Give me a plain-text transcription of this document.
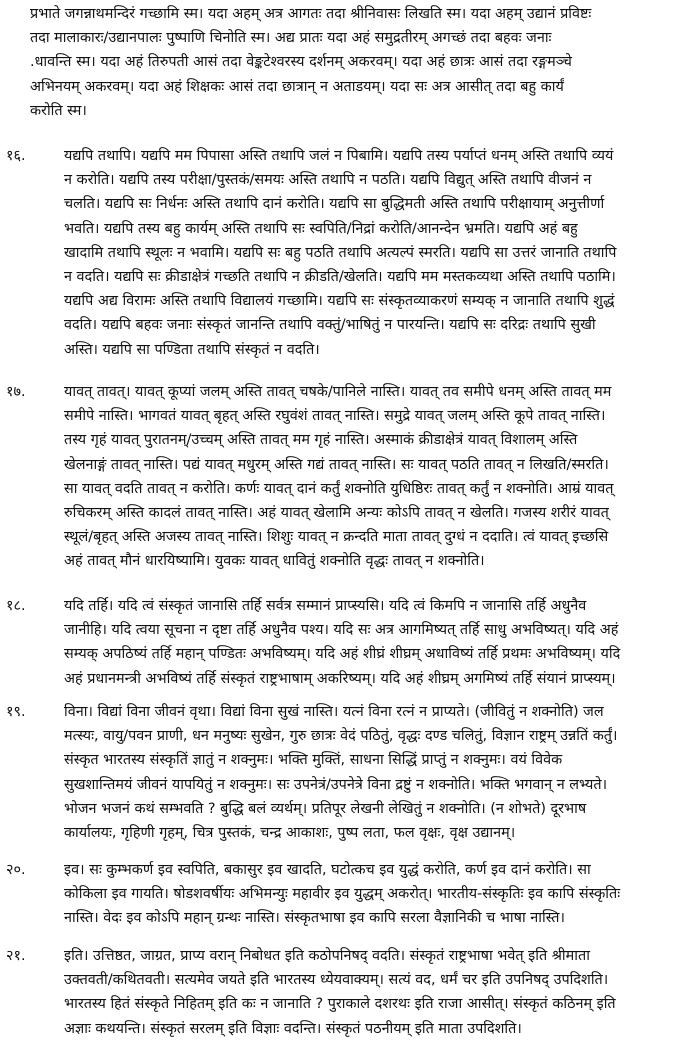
प्रभाते जगन्नाथमन्दिरं गच्छामि स्म। यदा अहम् अत्र आगतः तदा श्रीनिवासः लिखति स्म। यदा अहम् उद्यानं प्रविष्टः
तदा मालाकारः/उद्यानपालः पुष्पाणि चिनोति स्म। अद्य प्रातः यदा अहं समुद्रतीरम् अगच्छं तदा बहवः जनाः
.धावन्ति स्म। यदा अहं तिरुपती आसं तदा वेङ्कटेश्वरस्य दर्शनम् अकरवम्। यदा अहं छात्रः आसं तदा रङ्गमञ्चे
अभिनयम् अकरवम्। यदा अहं शिक्षकः आसं तदा छात्रान् न अताडयम्। यदा सः अत्र आसीत् तदा बहु कार्यं
करोति स्म।
१६.	यद्यपि तथापि। यद्यपि मम पिपासा अस्ति तथापि जलं न पिबामि। यद्यपि तस्य पर्याप्तं धनम् अस्ति तथापि व्ययं
न करोति। यद्यपि तस्य परीक्षा/पुस्तकं/समयः अस्ति तथापि न पठति। यद्यपि विद्युत् अस्ति तथापि वीजनं न
चलति। यद्यपि सः निर्धनः अस्ति तथापि दानं करोति। यद्यपि सा बुद्धिमती अस्ति तथापि परीक्षायाम् अनुत्तीर्णा
भवति। यद्यपि तस्य बहु कार्यम् अस्ति तथापि सः स्वपिति/निद्रां करोति/आनन्देन भ्रमति। यद्यपि अहं बहु
खादामि तथापि स्थूलः न भवामि। यद्यपि सः बहु पठति तथापि अत्यल्पं स्मरति। यद्यपि सा उत्तरं जानाति तथापि
न वदति। यद्यपि सः क्रीडाक्षेत्रं गच्छति तथापि न क्रीडति/खेलति। यद्यपि मम मस्तकव्यथा अस्ति तथापि पठामि।
यद्यपि अद्य विरामः अस्ति तथापि विद्यालयं गच्छामि। यद्यपि सः संस्कृतव्याकरणं सम्यक् न जानाति तथापि शुद्धं
वदति। यद्यपि बहवः जनाः संस्कृतं जानन्ति तथापि वक्तुं/भाषितुं न पारयन्ति। यद्यपि सः दरिद्रः तथापि सुखी
अस्ति। यद्यपि सा पण्डिता तथापि संस्कृतं न वदति।
१७.	यावत् तावत्। यावत् कूप्यां जलम् अस्ति तावत् चषके/पानिले नास्ति। यावत् तव समीपे धनम् अस्ति तावत् मम
समीपे नास्ति। भागवतं यावत् बृहत् अस्ति रघुवंशं तावत् नास्ति। समुद्रे यावत् जलम् अस्ति कूपे तावत् नास्ति।
तस्य गृहं यावत् पुरातनम्/उच्चम् अस्ति तावत् मम गृहं नास्ति। अस्माकं क्रीडाक्षेत्रं यावत् विशालम् अस्ति
खेलनाङ्गं तावत् नास्ति। पद्यं यावत् मधुरम् अस्ति गद्यं तावत् नास्ति। सः यावत् पठति तावत् न लिखति/स्मरति।
सा यावत् वदति तावत् न करोति। कर्णः यावत् दानं कर्तुं शक्नोति युधिष्ठिरः तावत् कर्तुं न शक्नोति। आम्रं यावत्
रुचिकरम् अस्ति कादलं तावत् नास्ति। अहं यावत् खेलामि अन्यः कोऽपि तावत् न खेलति। गजस्य शरीरं यावत्
स्थूलं/बृहत् अस्ति अजस्य तावत् नास्ति। शिशुः यावत् न क्रन्दति माता तावत् दुग्धं न ददाति। त्वं यावत् इच्छसि
अहं तावत् मौनं धारयिष्यामि। युवकः यावत् धावितुं शक्नोति वृद्धः तावत् न शक्नोति।
१८.	यदि तर्हि। यदि त्वं संस्कृतं जानासि तर्हि सर्वत्र सम्मानं प्राप्स्यसि। यदि त्वं किमपि न जानासि तर्हि अधुनैव
जानीहि। यदि त्वया सूचना न दृष्टा तर्हि अधुनैव पश्य। यदि सः अत्र आगमिष्यत् तर्हि साधु अभविष्यत्। यदि अहं
सम्यक् अपठिष्यं तर्हि महान् पण्डितः अभविष्यम्। यदि अहं शीघ्रं शीघ्रम् अधाविष्यं तर्हि प्रथमः अभविष्यम्। यदि
अहं प्रधानमन्त्री अभविष्यं तर्हि संस्कृतं राष्ट्रभाषाम् अकरिष्यम्। यदि अहं शीघ्रम् अगमिष्यं तर्हि संयानं प्राप्स्यम्।
१९.	विना। विद्यां विना जीवनं वृथा। विद्यां विना सुखं नास्ति। यत्नं विना रत्नं न प्राप्यते। (जीवितुं न शक्नोति) जल
मत्स्यः, वायु/पवन प्राणी, धन मनुष्यः सुखेन, गुरु छात्रः वेदं पठितुं, वृद्धः दण्ड चलितुं, विज्ञान राष्ट्रम् उन्नतिं कर्तुं।
संस्कृत भारतस्य संस्कृतिं ज्ञातुं न शक्नुमः। भक्ति मुक्तिं, साधना सिद्धिं प्राप्तुं न शक्नुमः। वयं विवेक
सुखशान्तिमयं जीवनं यापयितुं न शक्नुमः। सः उपनेत्रं/उपनेत्रे विना द्रष्टुं न शक्नोति। भक्ति भगवान् न लभ्यते।
भोजन भजनं कथं सम्भवति ? बुद्धि बलं व्यर्थम्। प्रतिपूर लेखनी लेखितुं न शक्नोति। (न शोभते) दूरभाष
कार्यालयः, गृहिणी गृहम्, चित्र पुस्तकं, चन्द्र आकाशः, पुष्प लता, फल वृक्षः, वृक्ष उद्यानम्।
२०.	इव। सः कुम्भकर्ण इव स्वपिति, बकासुर इव खादति, घटोत्कच इव युद्धं करोति, कर्ण इव दानं करोति। सा
कोकिला इव गायति। षोडशवर्षीयः अभिमन्युः महावीर इव युद्धम् अकरोत्। भारतीय-संस्कृतिः इव कापि संस्कृतिः
नास्ति। वेदः इव कोऽपि महान् ग्रन्थः नास्ति। संस्कृतभाषा इव कापि सरला वैज्ञानिकी च भाषा नास्ति।
२१.	इति। उत्तिष्ठत, जाग्रत, प्राप्य वरान् निबोधत इति कठोपनिषद् वदति। संस्कृतं राष्ट्रभाषा भवेत् इति श्रीमाता
उक्तवती/कथितवती। सत्यमेव जयते इति भारतस्य ध्येयवाक्यम्। सत्यं वद, धर्मं चर इति उपनिषद् उपदिशति।
भारतस्य हितं संस्कृते निहितम् इति कः न जानाति ? पुराकाले दशरथः इति राजा आसीत्। संस्कृतं कठिनम् इति
अज्ञाः कथयन्ति। संस्कृतं सरलम् इति विज्ञाः वदन्ति। संस्कृतं पठनीयम् इति माता उपदिशति।
